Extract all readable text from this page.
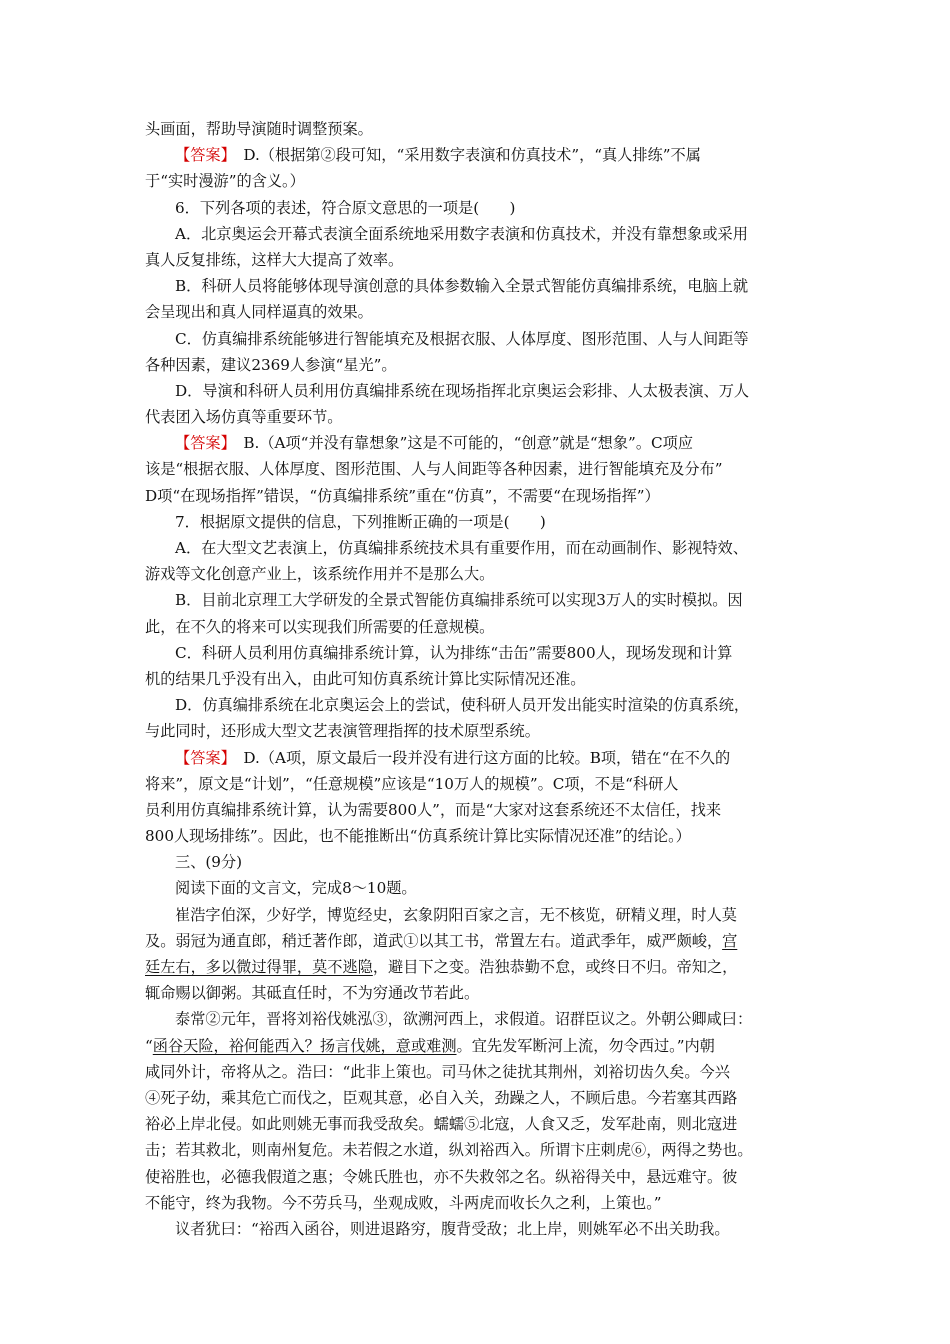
头画面，帮助导演随时调整预案。
【答案】　D.（根据第②段可知，“采用数字表演和仿真技术”，“真人排练”不属
于“实时漫游”的含义。）
6．下列各项的表述，符合原文意思的一项是(　　)
A．北京奥运会开幕式表演全面系统地采用数字表演和仿真技术，并没有靠想象或采用
真人反复排练，这样大大提高了效率。
B．科研人员将能够体现导演创意的具体参数输入全景式智能仿真编排系统，电脑上就
会呈现出和真人同样逼真的效果。
C．仿真编排系统能够进行智能填充及根据衣服、人体厚度、图形范围、人与人间距等
各种因素，建议2369人参演“星光”。
D．导演和科研人员利用仿真编排系统在现场指挥北京奥运会彩排、人太极表演、万人
代表团入场仿真等重要环节。
【答案】　B.（A项“并没有靠想象”这是不可能的，“创意”就是“想象”。C项应
该是“根据衣服、人体厚度、图形范围、人与人间距等各种因素，进行智能填充及分布”
D项“在现场指挥”错误，“仿真编排系统”重在“仿真”，不需要“在现场指挥”）
7．根据原文提供的信息，下列推断正确的一项是(　　)
A．在大型文艺表演上，仿真编排系统技术具有重要作用，而在动画制作、影视特效、
游戏等文化创意产业上，该系统作用并不是那么大。
B．目前北京理工大学研发的全景式智能仿真编排系统可以实现3万人的实时模拟。因
此，在不久的将来可以实现我们所需要的任意规模。
C．科研人员利用仿真编排系统计算，认为排练“击缶”需要800人，现场发现和计算
机的结果几乎没有出入，由此可知仿真系统计算比实际情况还准。
D．仿真编排系统在北京奥运会上的尝试，使科研人员开发出能实时渲染的仿真系统，
与此同时，还形成大型文艺表演管理指挥的技术原型系统。
【答案】　D.（A项，原文最后一段并没有进行这方面的比较。B项，错在“在不久的
将来”，原文是“计划”，“任意规模”应该是“10万人的规模”。C项，不是“科研人
员利用仿真编排系统计算，认为需要800人”，而是“大家对这套系统还不太信任，找来
800人现场排练”。因此，也不能推断出“仿真系统计算比实际情况还准”的结论。）
三、(9分)
阅读下面的文言文，完成8～10题。
崔浩字伯深，少好学，博览经史，玄象阴阳百家之言，无不核览，研精义理，时人莫
及。弱冠为通直郎，稍迁著作郎，道武①以其工书，常置左右。道武季年，威严颇峻，宫
廷左右，多以微过得罪，莫不逃隐，避目下之变。浩独恭勤不怠，或终日不归。帝知之，
辄命赐以御粥。其砥直任时，不为穷通改节若此。
泰常②元年，晋将刘裕伐姚泓③，欲溯河西上，求假道。诏群臣议之。外朝公卿咸曰：
“函谷天险，裕何能西入？扬言伐姚，意或难测。宜先发军断河上流，勿令西过。”内朝
咸同外计，帝将从之。浩曰：“此非上策也。司马休之徒扰其荆州，刘裕切齿久矣。今兴
④死子幼，乘其危亡而伐之，臣观其意，必自入关，劲躁之人，不顾后患。今若塞其西路
裕必上岸北侵。如此则姚无事而我受敌矣。蠕蠕⑤北寇，人食又乏，发军赴南，则北寇进
击；若其救北，则南州复危。未若假之水道，纵刘裕西入。所谓卞庄刺虎⑥，两得之势也。
使裕胜也，必德我假道之惠；令姚氏胜也，亦不失救邻之名。纵裕得关中，悬远难守。彼
不能守，终为我物。今不劳兵马，坐观成败，斗两虎而收长久之利，上策也。”
议者犹曰：“裕西入函谷，则进退路穷，腹背受敌；北上岸，则姚军必不出关助我。
